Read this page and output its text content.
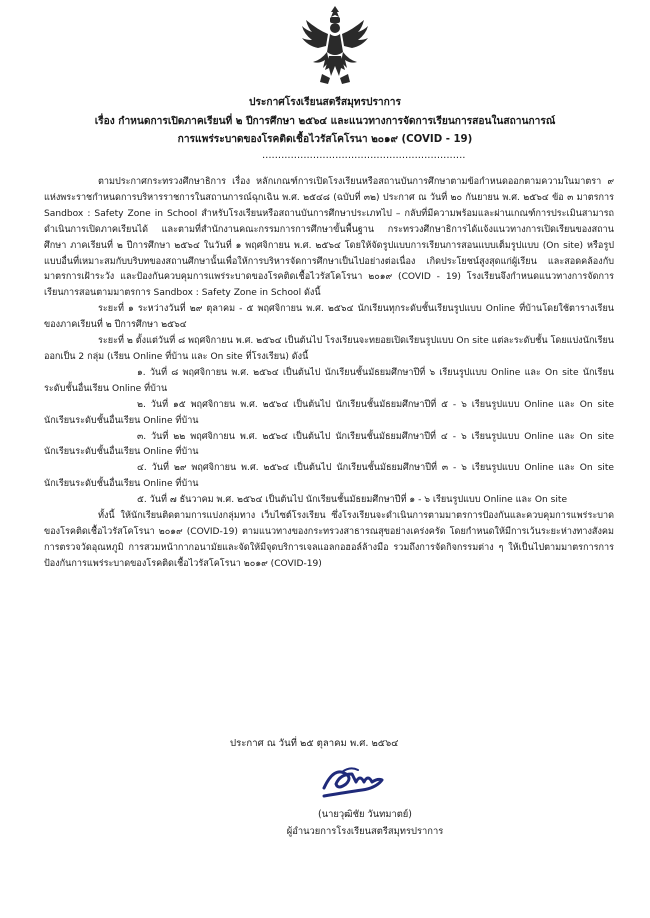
ประกาศโรงเรียนสตรีสมุทรปราการ
เรื่อง กำหนดการเปิดภาคเรียนที่ ๒ ปีการศึกษา ๒๕๖๔ และแนวทางการจัดการเรียนการสอนในสถานการณ์
การแพร่ระบาดของโรคติดเชื้อไวรัสโคโรนา ๒๐๑๙ (COVID - 19)
................................................................

ตามประกาศกระทรวงศึกษาธิการ เรื่อง หลักเกณฑ์การเปิดโรงเรียนหรือสถานบันการศึกษาตามข้อกำหนดออกตามความในมาตรา ๙ แห่งพระราชกำหนดการบริหารราชการในสถานการณ์ฉุกเฉิน พ.ศ. ๒๕๔๘ (ฉบับที่ ๓๒) ประกาศ ณ วันที่ ๒๐ กันยายน พ.ศ. ๒๕๖๔ ข้อ ๓ มาตรการ Sandbox : Safety Zone in School สำหรับโรงเรียนหรือสถานบันการศึกษาประเภทไป – กลับที่มีความพร้อมและผ่านเกณฑ์การประเมินสามารถดำเนินการเปิดภาคเรียนได้ และตามที่สำนักงานคณะกรรมการการศึกษาขั้นพื้นฐาน กระทรวงศึกษาธิการได้แจ้งแนวทางการเปิดเรียนของสถานศึกษา ภาคเรียนที่ ๒ ปีการศึกษา ๒๕๖๔ ในวันที่ ๑ พฤศจิกายน พ.ศ. ๒๕๖๔ โดยให้จัดรูปแบบการเรียนการสอนแบบเต็มรูปแบบ (On site) หรือรูปแบบอื่นที่เหมาะสมกับบริบทของสถานศึกษานั้นเพื่อให้การบริหารจัดการศึกษาเป็นไปอย่างต่อเนื่อง เกิดประโยชน์สูงสุดแก่ผู้เรียน และสอดคล้องกับมาตรการเฝ้าระวัง และป้องกันควบคุมการแพร่ระบาดของโรคติดเชื้อไวรัสโคโรนา ๒๐๑๙ (COVID - 19) โรงเรียนจึงกำหนดแนวทางการจัดการเรียนการสอนตามมาตรการ Sandbox : Safety Zone in School ดังนี้

ระยะที่ ๑ ระหว่างวันที่ ๒๙ ตุลาคม - ๕ พฤศจิกายน พ.ศ. ๒๕๖๔ นักเรียนทุกระดับชั้นเรียนรูปแบบ Online ที่บ้านโดยใช้ตารางเรียนของภาคเรียนที่ ๒ ปีการศึกษา ๒๕๖๔

ระยะที่ ๒ ตั้งแต่วันที่ ๘ พฤศจิกายน พ.ศ. ๒๕๖๔ เป็นต้นไป โรงเรียนจะทยอยเปิดเรียนรูปแบบ On site แต่ละระดับชั้น โดยแบ่งนักเรียนออกเป็น 2 กลุ่ม (เรียน Online ที่บ้าน และ On site ที่โรงเรียน) ดังนี้

๑. วันที่ ๘ พฤศจิกายน พ.ศ. ๒๕๖๔ เป็นต้นไป นักเรียนชั้นมัธยมศึกษาปีที่ ๖ เรียนรูปแบบ Online และ On site นักเรียนระดับชั้นอื่นเรียน Online ที่บ้าน

๒. วันที่ ๑๕ พฤศจิกายน พ.ศ. ๒๕๖๔ เป็นต้นไป นักเรียนชั้นมัธยมศึกษาปีที่ ๕ - ๖ เรียนรูปแบบ Online และ On site นักเรียนระดับชั้นอื่นเรียน Online ที่บ้าน

๓. วันที่ ๒๒ พฤศจิกายน พ.ศ. ๒๕๖๔ เป็นต้นไป นักเรียนชั้นมัธยมศึกษาปีที่ ๔ - ๖ เรียนรูปแบบ Online และ On site นักเรียนระดับชั้นอื่นเรียน Online ที่บ้าน

๔. วันที่ ๒๙ พฤศจิกายน พ.ศ. ๒๕๖๔ เป็นต้นไป นักเรียนชั้นมัธยมศึกษาปีที่ ๓ - ๖ เรียนรูปแบบ Online และ On site นักเรียนระดับชั้นอื่นเรียน Online ที่บ้าน

๕. วันที่ ๗ ธันวาคม พ.ศ. ๒๕๖๔ เป็นต้นไป นักเรียนชั้นมัธยมศึกษาปีที่ ๑ - ๖ เรียนรูปแบบ Online และ On site

ทั้งนี้ ให้นักเรียนติดตามการแบ่งกลุ่มทาง เว็บไซต์โรงเรียน ซึ่งโรงเรียนจะดำเนินการตามมาตรการป้องกันและควบคุมการแพร่ระบาดของโรคติดเชื้อไวรัสโคโรนา ๒๐๑๙ (COVID-19) ตามแนวทางของกระทรวงสาธารณสุขอย่างเคร่งครัด โดยกำหนดให้มีการเว้นระยะห่างทางสังคม การตรวจวัดอุณหภูมิ การสวมหน้ากากอนามัยและจัดให้มีจุดบริการเจลแอลกอฮอล์ล้างมือ รวมถึงการจัดกิจกรรมต่าง ๆ ให้เป็นไปตามมาตรการการป้องกันการแพร่ระบาดของโรคติดเชื้อไวรัสโคโรนา ๒๐๑๙ (COVID-19)

ประกาศ ณ วันที่ ๒๕ ตุลาคม พ.ศ. ๒๕๖๔
(นายวุฒิชัย วันทมาตย์)
ผู้อำนวยการโรงเรียนสตรีสมุทรปราการ
